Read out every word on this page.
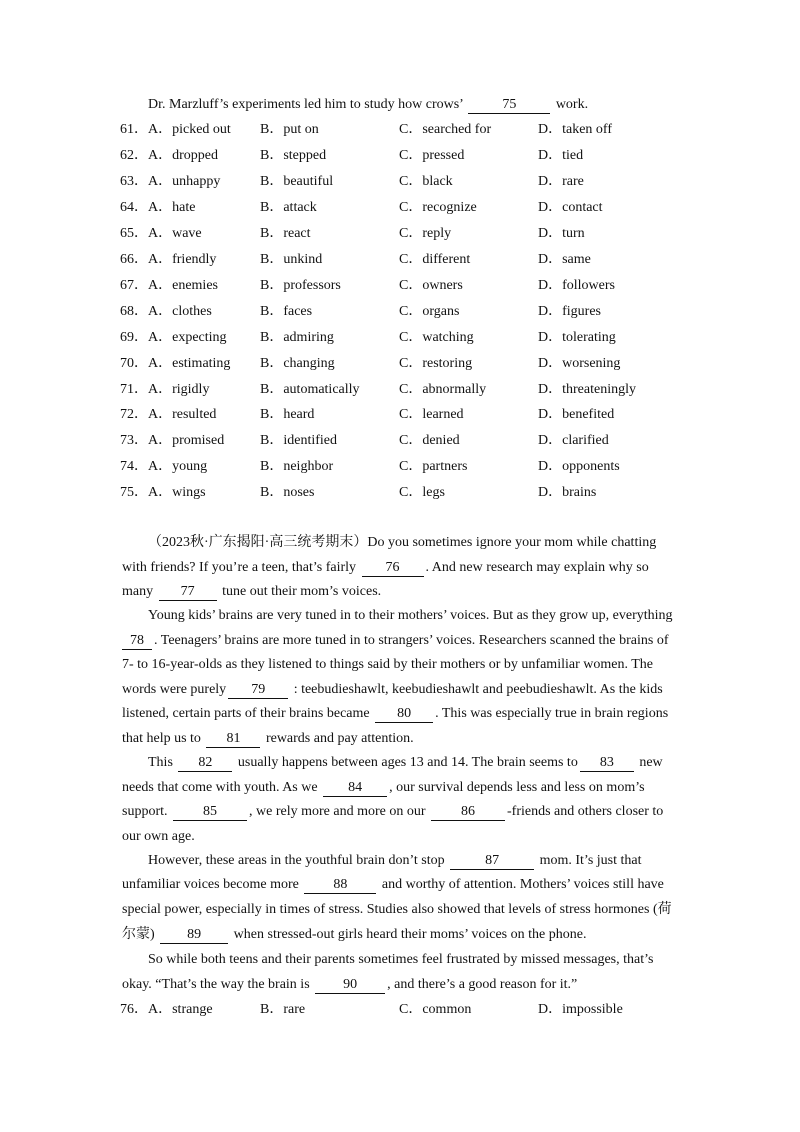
Dr. Marzluff’s experiments led him to study how crows’	75	work.
61．A．picked out B．put on	C．searched for	D．taken off
62．A．dropped	B．stepped	C．pressed	D．tied
63．A．unhappy	B．beautiful	C．black	D．rare
64．A．hate	B．attack	C．recognize	D．contact
65．A．wave	B．react	C．reply	D．turn
66．A．friendly	B．unkind	C．different	D．same
67．A．enemies	B．professors	C．owners	D．followers
68．A．clothes	B．faces	C．organs	D．figures
69．A．expecting B．admiring	C．watching	D．tolerating
70．A．estimating B．changing	C．restoring	D．worsening
71．A．rigidly	B．automatically	C．abnormally	D．threateningly
72．A．resulted	B．heard	C．learned	D．benefited
73．A．promised	B．identified	C．denied	D．clarified
74．A．young	B．neighbor	C．partners	D．opponents
75．A．wings	B．noses	C．legs	D．brains
（2023秋·广东揭阳·高三统考期末）Do you sometimes ignore your mom while chatting
with friends? If you’re a teen, that’s fairly 76 . And new research may explain why so
many 77 tune out their mom’s voices.
Young kids’ brains are very tuned in to their mothers’ voices. But as they grow up, everything
78 . Teenagers’ brains are more tuned in to strangers’ voices. Researchers scanned the brains of
7- to 16-year-olds as they listened to things said by their mothers or by unfamiliar women. The
words were purely 79 : teebudieshawlt, keebudieshawlt and peebudieshawlt. As the kids
listened, certain parts of their brains became 80 . This was especially true in brain regions
that help us to 81 rewards and pay attention.
This 82 usually happens between ages 13 and 14. The brain seems to 83 new
needs that come with youth. As we 84 , our survival depends less and less on mom’s
support. 85 , we rely more and more on our 86 -friends and others closer to
our own age.
However, these areas in the youthful brain don’t stop	87	mom. It’s just that
unfamiliar voices become more 88 and worthy of attention. Mothers’ voices still have
special power, especially in times of stress. Studies also showed that levels of stress hormones (荷
尔蒙) 89 when stressed-out girls heard their moms’ voices on the phone.
So while both teens and their parents sometimes feel frustrated by missed messages, that’s
okay. “That’s the way the brain is 90 , and there’s a good reason for it.”
76．A．strange	B．rare	C．common	D．impossible
